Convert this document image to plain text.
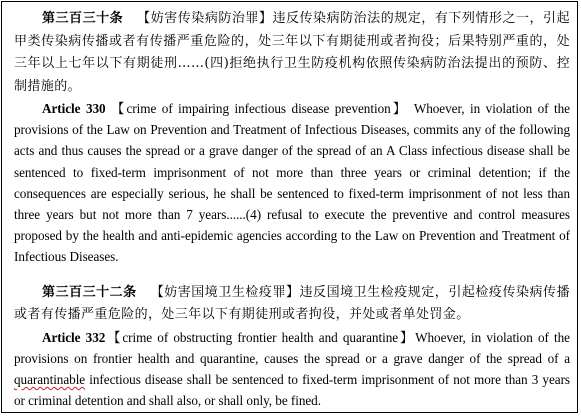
第三百三十条 【妨害传染病防治罪】违反传染病防治法的规定，有下列情形之一，引起甲类传染病传播或者有传播严重危险的，处三年以下有期徒刑或者拘役；后果特别严重的，处三年以上七年以下有期徒刑……(四)拒绝执行卫生防疫机构依照传染病防治法提出的预防、控制措施的。

Article 330 【crime of impairing infectious disease prevention】 Whoever, in violation of the provisions of the Law on Prevention and Treatment of Infectious Diseases, commits any of the following acts and thus causes the spread or a grave danger of the spread of an A Class infectious disease shall be sentenced to fixed-term imprisonment of not more than three years or criminal detention; if the consequences are especially serious, he shall be sentenced to fixed-term imprisonment of not less than three years but not more than 7 years......(4) refusal to execute the preventive and control measures proposed by the health and anti-epidemic agencies according to the Law on Prevention and Treatment of Infectious Diseases.

第三百三十二条 【妨害国境卫生检疫罪】违反国境卫生检疫规定，引起检疫传染病传播或者有传播严重危险的，处三年以下有期徒刑或者拘役，并处或者单处罚金。

Article 332【crime of obstructing frontier health and quarantine】Whoever, in violation of the provisions on frontier health and quarantine, causes the spread or a grave danger of the spread of a quarantinable infectious disease shall be sentenced to fixed-term imprisonment of not more than 3 years or criminal detention and shall also, or shall only, be fined.
